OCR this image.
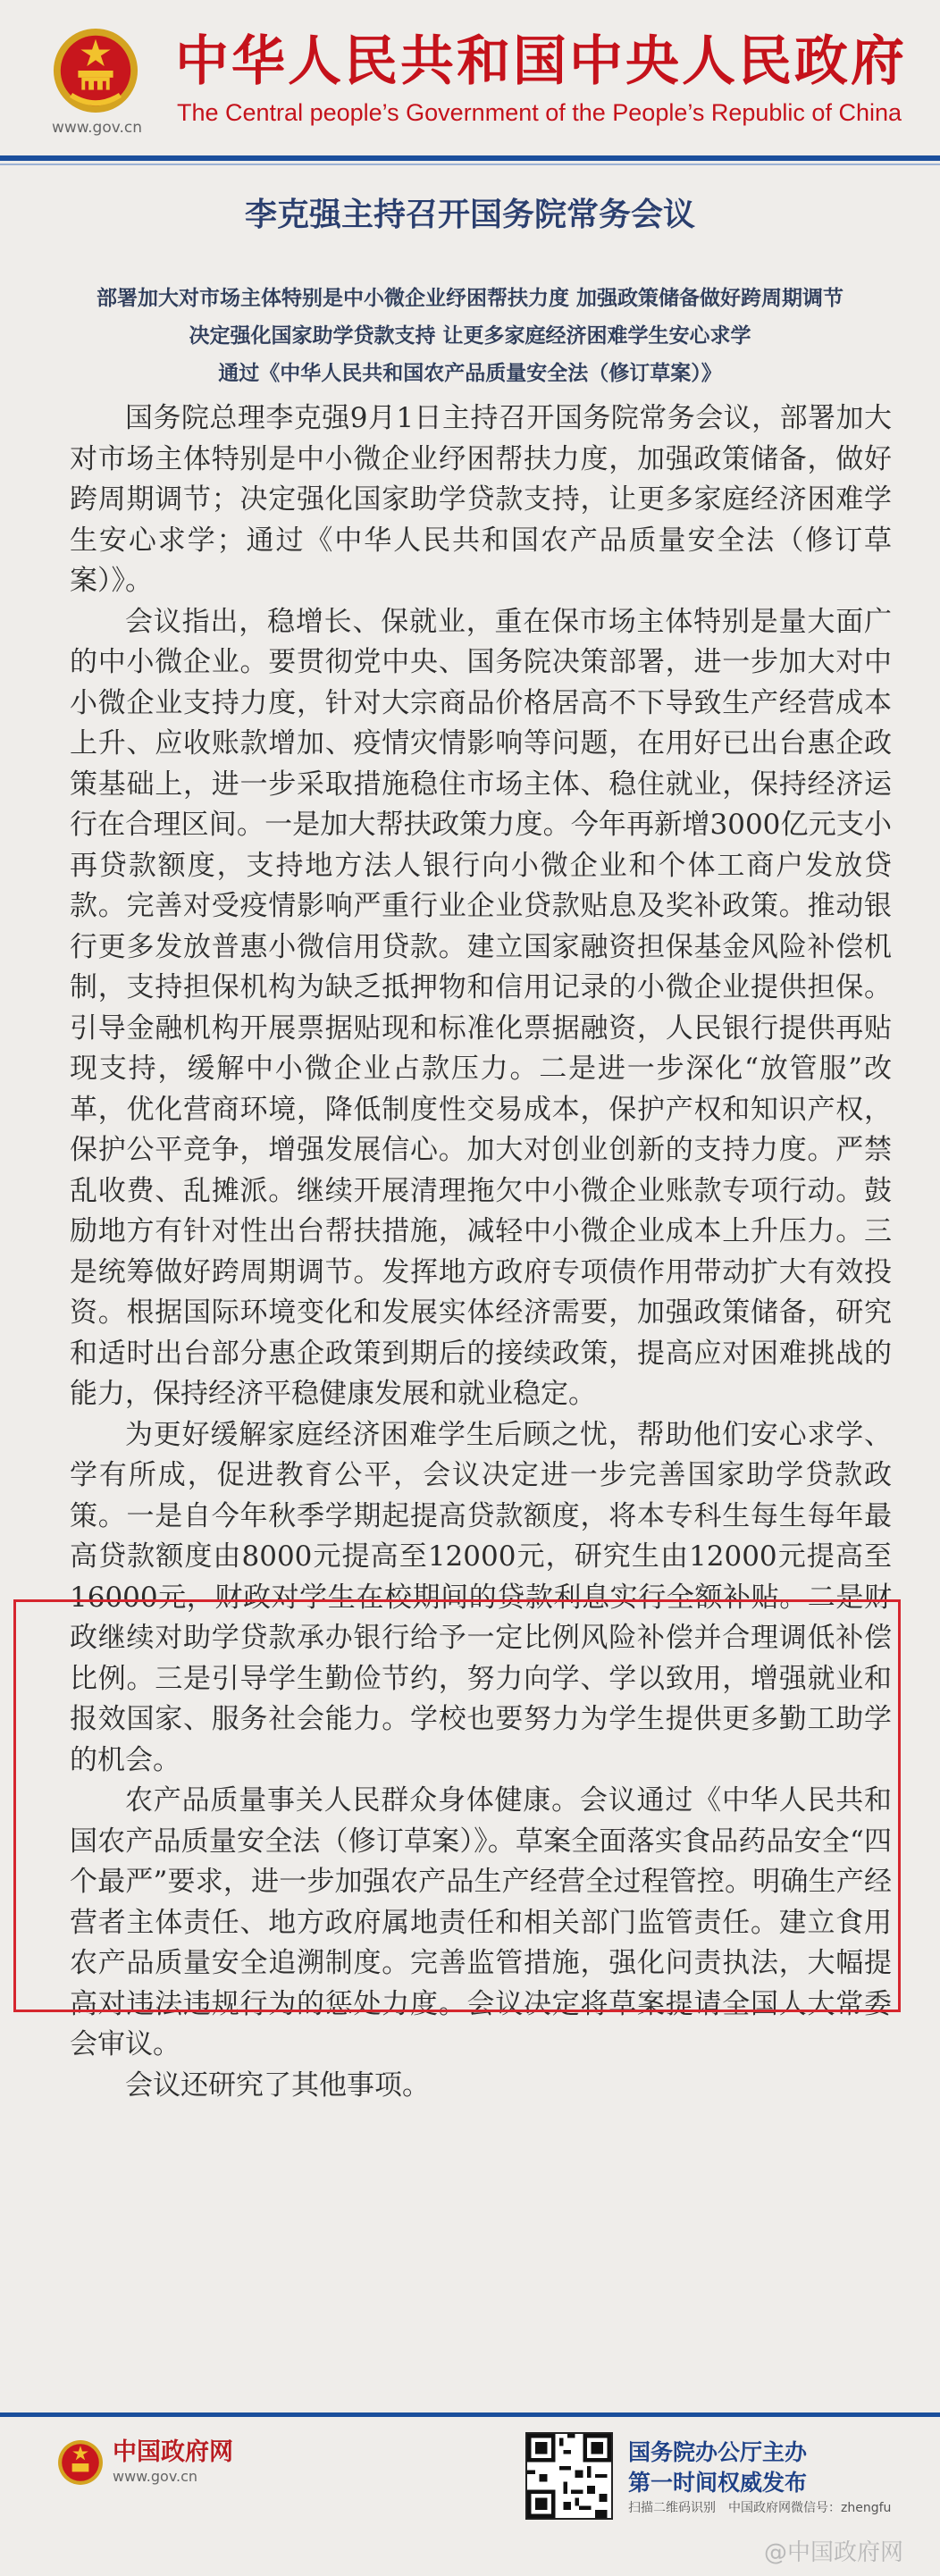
www.gov.cn
中华人民共和国中央人民政府
The Central people’s Government of the People’s Republic of China
李克强主持召开国务院常务会议
部署加大对市场主体特别是中小微企业纾困帮扶力度 加强政策储备做好跨周期调节
决定强化国家助学贷款支持 让更多家庭经济困难学生安心求学
通过《中华人民共和国农产品质量安全法（修订草案）》

国务院总理李克强9月1日主持召开国务院常务会议，部署加大对市场主体特别是中小微企业纾困帮扶力度，加强政策储备，做好跨周期调节；决定强化国家助学贷款支持，让更多家庭经济困难学生安心求学；通过《中华人民共和国农产品质量安全法（修订草案）》。

会议指出，稳增长、保就业，重在保市场主体特别是量大面广的中小微企业。要贯彻党中央、国务院决策部署，进一步加大对中小微企业支持力度，针对大宗商品价格居高不下导致生产经营成本上升、应收账款增加、疫情灾情影响等问题，在用好已出台惠企政策基础上，进一步采取措施稳住市场主体、稳住就业，保持经济运行在合理区间。一是加大帮扶政策力度。今年再新增3000亿元支小再贷款额度，支持地方法人银行向小微企业和个体工商户发放贷款。完善对受疫情影响严重行业企业贷款贴息及奖补政策。推动银行更多发放普惠小微信用贷款。建立国家融资担保基金风险补偿机制，支持担保机构为缺乏抵押物和信用记录的小微企业提供担保。引导金融机构开展票据贴现和标准化票据融资，人民银行提供再贴现支持，缓解中小微企业占款压力。二是进一步深化“放管服”改革，优化营商环境，降低制度性交易成本，保护产权和知识产权，保护公平竞争，增强发展信心。加大对创业创新的支持力度。严禁乱收费、乱摊派。继续开展清理拖欠中小微企业账款专项行动。鼓励地方有针对性出台帮扶措施，减轻中小微企业成本上升压力。三是统筹做好跨周期调节。发挥地方政府专项债作用带动扩大有效投资。根据国际环境变化和发展实体经济需要，加强政策储备，研究和适时出台部分惠企政策到期后的接续政策，提高应对困难挑战的能力，保持经济平稳健康发展和就业稳定。

为更好缓解家庭经济困难学生后顾之忧，帮助他们安心求学、学有所成，促进教育公平，会议决定进一步完善国家助学贷款政策。一是自今年秋季学期起提高贷款额度，将本专科生每生每年最高贷款额度由8000元提高至12000元，研究生由12000元提高至16000元，财政对学生在校期间的贷款利息实行全额补贴。二是财政继续对助学贷款承办银行给予一定比例风险补偿并合理调低补偿比例。三是引导学生勤俭节约，努力向学、学以致用，增强就业和报效国家、服务社会能力。学校也要努力为学生提供更多勤工助学的机会。

农产品质量事关人民群众身体健康。会议通过《中华人民共和国农产品质量安全法（修订草案）》。草案全面落实食品药品安全“四个最严”要求，进一步加强农产品生产经营全过程管控。明确生产经营者主体责任、地方政府属地责任和相关部门监管责任。建立食用农产品质量安全追溯制度。完善监管措施，强化问责执法，大幅提高对违法违规行为的惩处力度。会议决定将草案提请全国人大常委会审议。

会议还研究了其他事项。

中国政府网
www.gov.cn
国务院办公厅主办
第一时间权威发布
扫描二维码识别　中国政府网微信号：zhengfu
@中国政府网
